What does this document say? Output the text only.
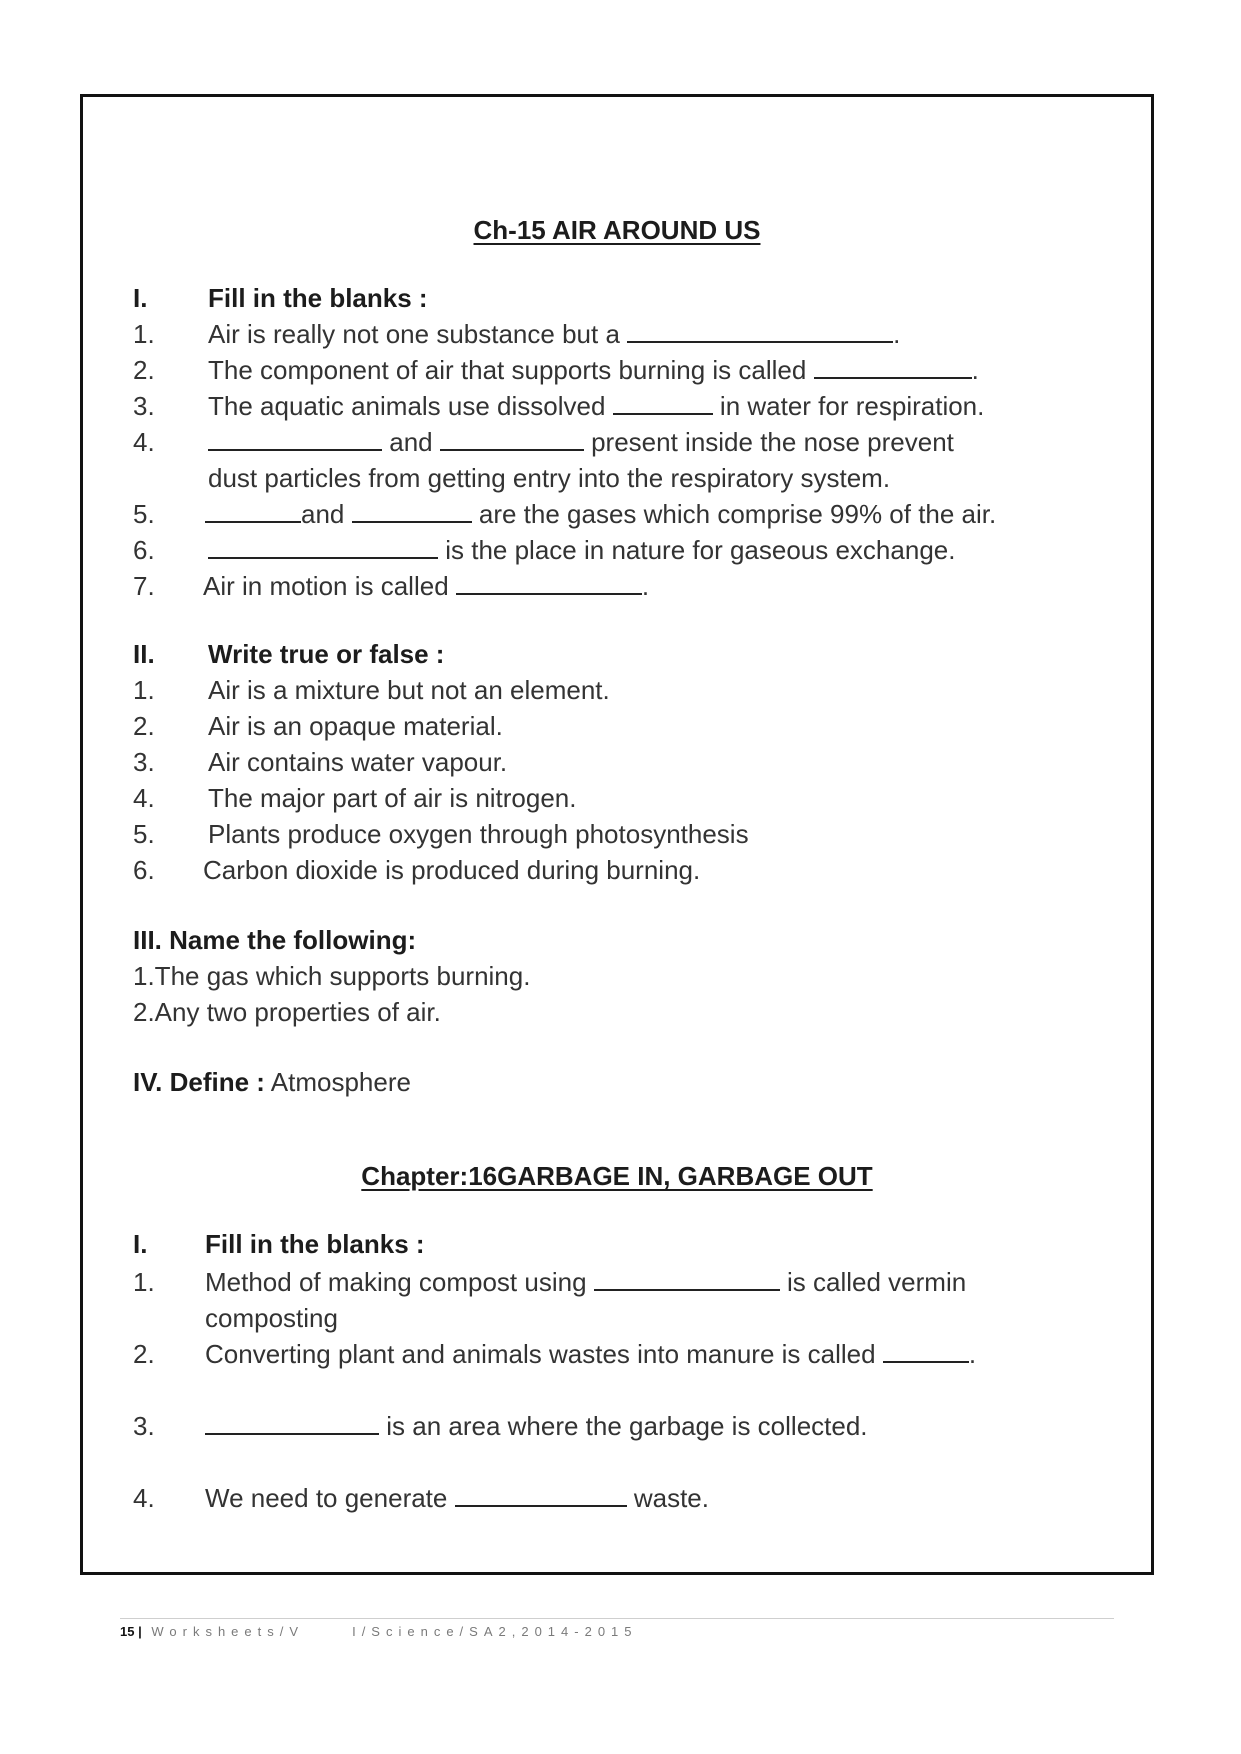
Ch-15 AIR AROUND US
I. Fill in the blanks :
1. Air is really not one substance but a	.
2. The component of air that supports burning is called	.
3. The aquatic animals use dissolved	in water for respiration.
4.	and	present inside the nose prevent
dust particles from getting entry into the respiratory system.
5.	and	are the gases which comprise 99% of the air.
6.	is the place in nature for gaseous exchange.
7. Air in motion is called	.
II. Write true or false :
1. Air is a mixture but not an element.
2. Air is an opaque material.
3. Air contains water vapour.
4. The major part of air is nitrogen.
5. Plants produce oxygen through photosynthesis
6. Carbon dioxide is produced during burning.
III. Name the following:
1.The gas which supports burning.
2.Any two properties of air.
IV. Define : Atmosphere
Chapter:16GARBAGE IN, GARBAGE OUT
I. Fill in the blanks :
1. Method of making compost using	is called vermin
composting
2. Converting plant and animals wastes into manure is called	.
3.	is an area where the garbage is collected.
4. We need to generate	waste.
15 | Worksheets/V     I/Science/SA2,2014-2015
